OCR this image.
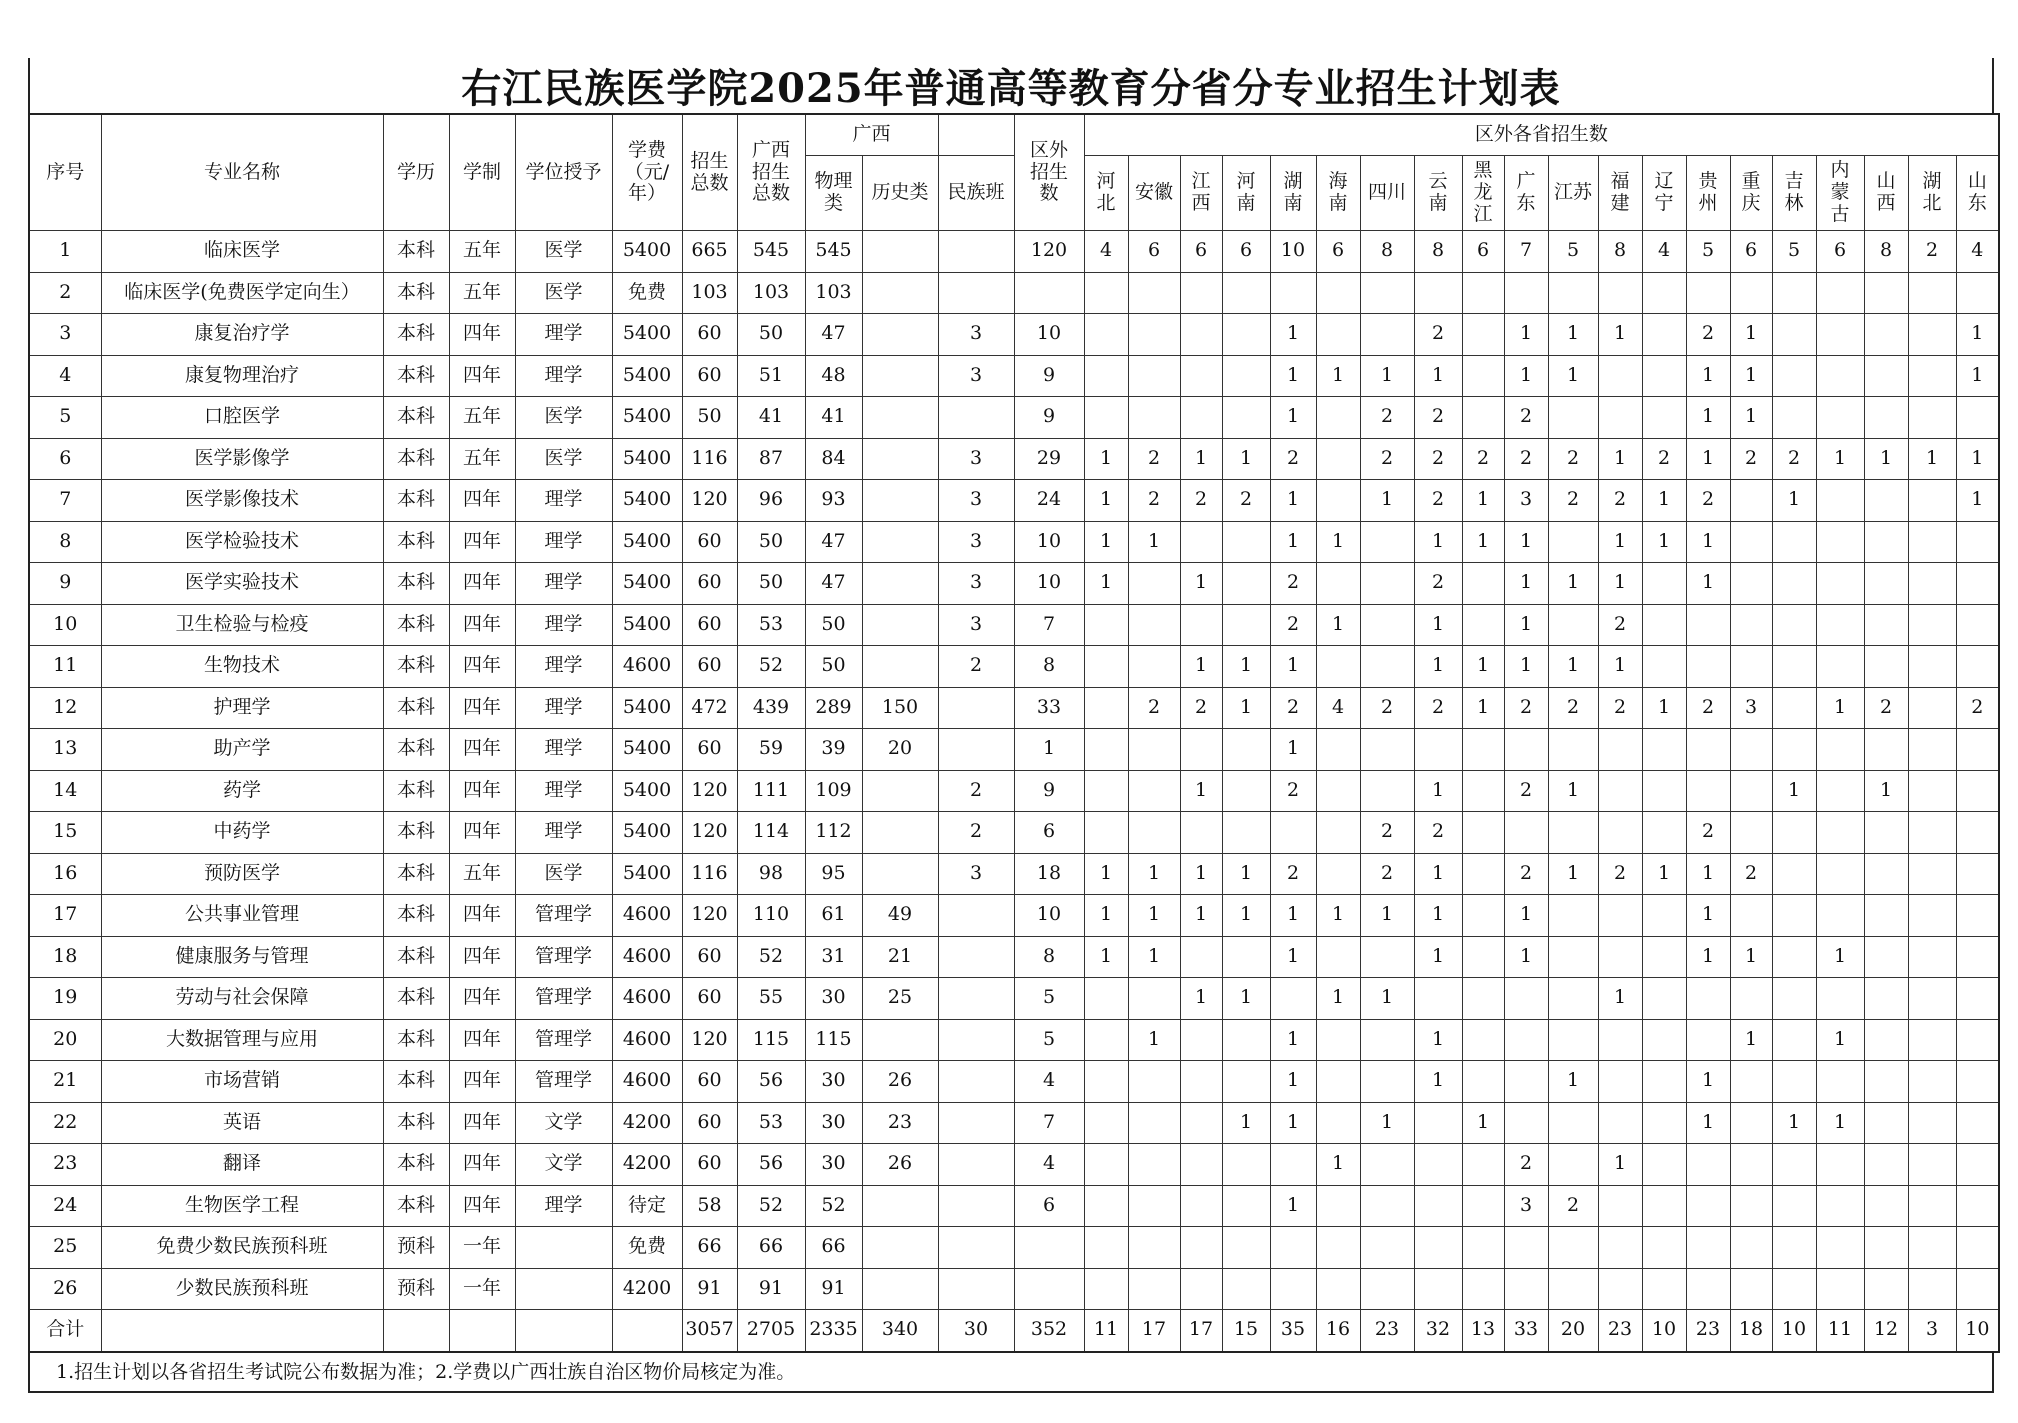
右江民族医学院2025年普通高等教育分省分专业招生计划表
序号	专业名称	学历	学制	学位授予	学费（元/年）	招生总数	广西招生总数	广西			区外招生数	区外各省招生数																			
								物理类	历史类	民族班		河北	安徽	江西	河南	湖南	海南	四川	云南	黑龙江	广东	江苏	福建	辽宁	贵州	重庆	吉林	内蒙古	山西	湖北	山东
1	临床医学	本科	五年	医学	5400	665	545	545			120	4	6	6	6	10	6	8	8	6	7	5	8	4	5	6	5	6	8	2	4
2	临床医学(免费医学定向生）	本科	五年	医学	免费	103	103	103																							
3	康复治疗学	本科	四年	理学	5400	60	50	47		3	10					1			2		1	1	1		2	1					1
4	康复物理治疗	本科	四年	理学	5400	60	51	48		3	9					1	1	1	1		1	1			1	1					1
5	口腔医学	本科	五年	医学	5400	50	41	41			9					1		2	2		2				1	1					
6	医学影像学	本科	五年	医学	5400	116	87	84		3	29	1	2	1	1	2		2	2	2	2	2	1	2	1	2	2	1	1	1	1
7	医学影像技术	本科	四年	理学	5400	120	96	93		3	24	1	2	2	2	1		1	2	1	3	2	2	1	2		1				1
8	医学检验技术	本科	四年	理学	5400	60	50	47		3	10	1	1			1	1		1	1	1		1	1	1						
9	医学实验技术	本科	四年	理学	5400	60	50	47		3	10	1		1		2			2		1	1	1		1						
10	卫生检验与检疫	本科	四年	理学	5400	60	53	50		3	7					2	1		1		1		2								
11	生物技术	本科	四年	理学	4600	60	52	50		2	8			1	1	1			1	1	1	1	1								
12	护理学	本科	四年	理学	5400	472	439	289	150		33		2	2	1	2	4	2	2	1	2	2	2	1	2	3		1	2		2
13	助产学	本科	四年	理学	5400	60	59	39	20		1					1															
14	药学	本科	四年	理学	5400	120	111	109		2	9			1		2			1		2	1					1		1		
15	中药学	本科	四年	理学	5400	120	114	112		2	6							2	2						2						
16	预防医学	本科	五年	医学	5400	116	98	95		3	18	1	1	1	1	2		2	1		2	1	2	1	1	2					
17	公共事业管理	本科	四年	管理学	4600	120	110	61	49		10	1	1	1	1	1	1	1	1		1				1						
18	健康服务与管理	本科	四年	管理学	4600	60	52	31	21		8	1	1			1			1		1				1	1		1			
19	劳动与社会保障	本科	四年	管理学	4600	60	55	30	25		5			1	1		1	1					1								
20	大数据管理与应用	本科	四年	管理学	4600	120	115	115			5		1			1			1							1		1			
21	市场营销	本科	四年	管理学	4600	60	56	30	26		4					1			1			1			1						
22	英语	本科	四年	文学	4200	60	53	30	23		7				1	1		1		1					1		1	1			
23	翻译	本科	四年	文学	4200	60	56	30	26		4						1				2		1								
24	生物医学工程	本科	四年	理学	待定	58	52	52			6					1					3	2									
25	免费少数民族预科班	预科	一年		免费	66	66	66																							
26	少数民族预科班	预科	一年		4200	91	91	91																							
合计						3057	2705	2335	340	30	352	11	17	17	15	35	16	23	32	13	33	20	23	10	23	18	10	11	12	3	10
1.招生计划以各省招生考试院公布数据为准；2.学费以广西壮族自治区物价局核定为准。
